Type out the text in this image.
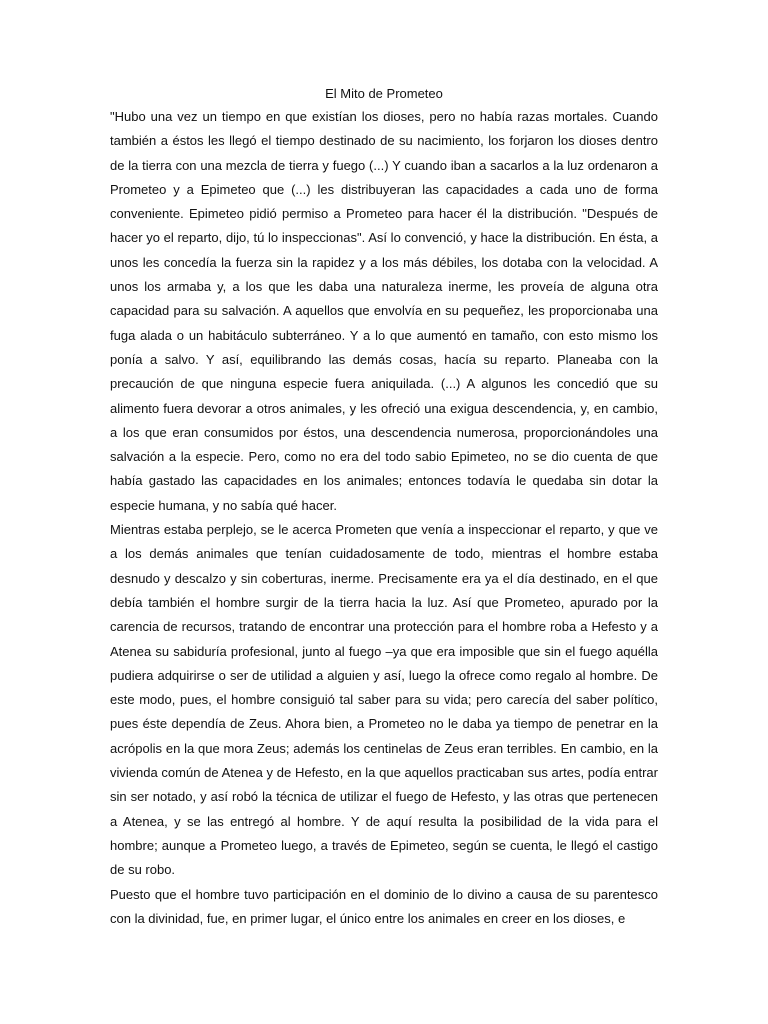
El Mito de Prometeo

"Hubo una vez un tiempo en que existían los dioses, pero no había razas mortales. Cuando también a éstos les llegó el tiempo destinado de su nacimiento, los forjaron los dioses dentro de la tierra con una mezcla de tierra y fuego (...) Y cuando iban a sacarlos a la luz ordenaron a Prometeo y a Epimeteo que (...) les distribuyeran las capacidades a cada uno de forma conveniente. Epimeteo pidió permiso a Prometeo para hacer él la distribución. "Después de hacer yo el reparto, dijo, tú lo inspeccionas". Así lo convenció, y hace la distribución. En ésta, a unos les concedía la fuerza sin la rapidez y a los más débiles, los dotaba con la velocidad. A unos los armaba y, a los que les daba una naturaleza inerme, les proveía de alguna otra capacidad para su salvación. A aquellos que envolvía en su pequeñez, les proporcionaba una fuga alada o un habitáculo subterráneo. Y a lo que aumentó en tamaño, con esto mismo los ponía a salvo. Y así, equilibrando las demás cosas, hacía su reparto. Planeaba con la precaución de que ninguna especie fuera aniquilada. (...) A algunos les concedió que su alimento fuera devorar a otros animales, y les ofreció una exigua descendencia, y, en cambio, a los que eran consumidos por éstos, una descendencia numerosa, proporcionándoles una salvación a la especie. Pero, como no era del todo sabio Epimeteo, no se dio cuenta de que había gastado las capacidades en los animales; entonces todavía le quedaba sin dotar la especie humana, y no sabía qué hacer.

Mientras estaba perplejo, se le acerca Prometen que venía a inspeccionar el reparto, y que ve a los demás animales que tenían cuidadosamente de todo, mientras el hombre estaba desnudo y descalzo y sin coberturas, inerme. Precisamente era ya el día destinado, en el que debía también el hombre surgir de la tierra hacia la luz. Así que Prometeo, apurado por la carencia de recursos, tratando de encontrar una protección para el hombre roba a Hefesto y a Atenea su sabiduría profesional, junto al fuego –ya que era imposible que sin el fuego aquélla pudiera adquirirse o ser de utilidad a alguien y así, luego la ofrece como regalo al hombre. De este modo, pues, el hombre consiguió tal saber para su vida; pero carecía del saber político, pues éste dependía de Zeus. Ahora bien, a Prometeo no le daba ya tiempo de penetrar en la acrópolis en la que mora Zeus; además los centinelas de Zeus eran terribles. En cambio, en la vivienda común de Atenea y de Hefesto, en la que aquellos practicaban sus artes, podía entrar sin ser notado, y así robó la técnica de utilizar el fuego de Hefesto, y las otras que pertenecen a Atenea, y se las entregó al hombre. Y de aquí resulta la posibilidad de la vida para el hombre; aunque a Prometeo luego, a través de Epimeteo, según se cuenta, le llegó el castigo de su robo.

Puesto que el hombre tuvo participación en el dominio de lo divino a causa de su parentesco con la divinidad, fue, en primer lugar, el único entre los animales en creer en los dioses, e
